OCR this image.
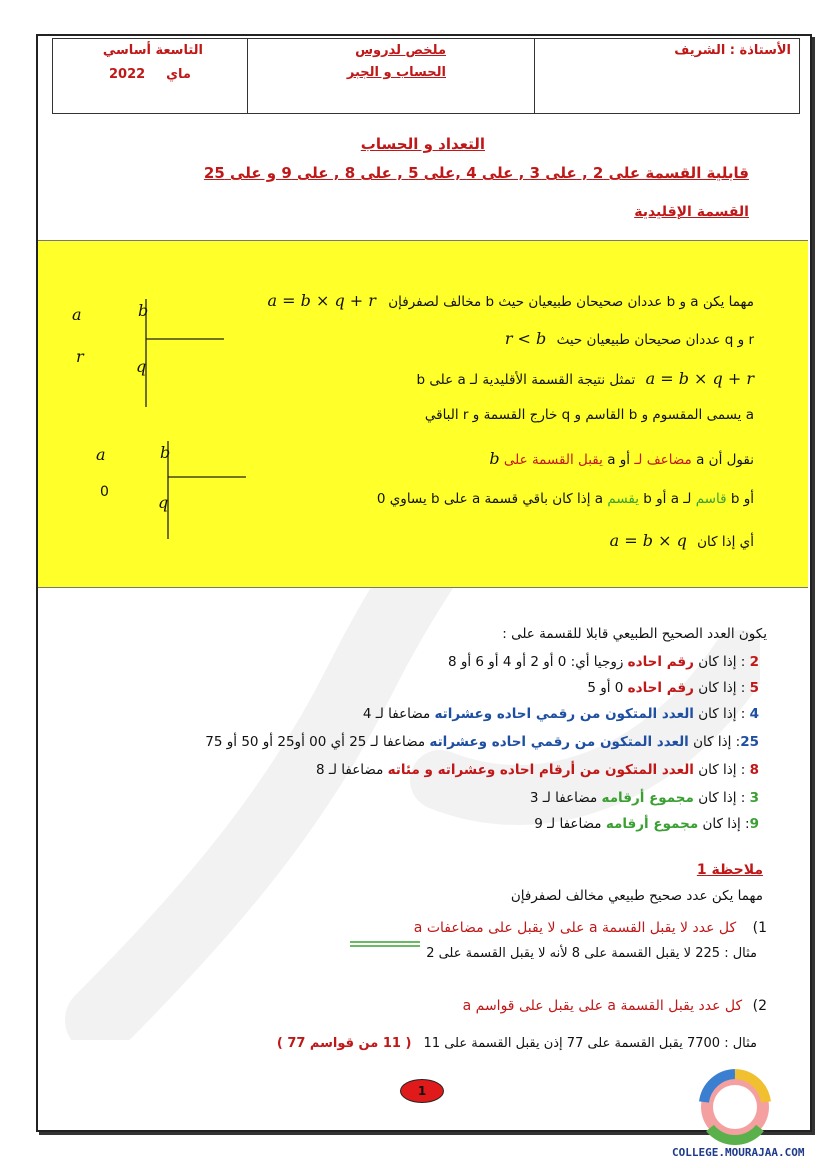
الأستاذة : الشريف
ملخص لدروس
الحساب و الجبر
التاسعة أساسي
ماي
2022
التعداد و الحساب
قابلية القسمة على 2 , على 3 , على 4 ,على 5 , على 8 , على 9 و على 25
القسمة الإقليدية
a	b
r
q
a	b
0
q
مهما يكن a و b عددان صحيحان طبيعيان حيث b مخالف لصفرفإن a = b × q + r
r و q عددان صحيحان طبيعيان حيث r < b
a = b × q + r تمثل نتيجة القسمة الأقليدية لـ a على b
a يسمى المقسوم و b القاسم و q خارج القسمة و r الباقي
نقول أن a مضاعف لـ أو a يقبل القسمة على b
أو b قاسم لـ a أو b يقسم a إذا كان باقي قسمة a على b يساوي 0
أي إذا كان a = b × q
يكون العدد الصحيح الطبيعي قابلا للقسمة على :
2 : إذا كان رقم احاده زوجيا أي: 0 أو 2 أو 4 أو 6 أو 8
5 : إذا كان رقم احاده 0 أو 5
4 : إذا كان العدد المتكون من رقمي احاده وعشراته مضاعفا لـ 4
25: إذا كان العدد المتكون من رقمي احاده وعشراته مضاعفا لـ 25 أي 00 أو25 أو 50 أو 75
8 : إذا كان العدد المتكون من أرقام احاده وعشراته و مئاته مضاعفا لـ 8
3 : إذا كان مجموع أرقامه مضاعفا لـ 3
9: إذا كان مجموع أرقامه مضاعفا لـ 9
ملاحظة 1
مهما يكن عدد صحيح طبيعي مخالف لصفرفإن
1) كل عدد لا يقبل القسمة a على لا يقبل على مضاعفات a
مثال : 225 لا يقبل القسمة على 8 لأنه لا يقبل القسمة على 2
2) كل عدد يقبل القسمة a على يقبل على قواسم a
مثال : 7700 يقبل القسمة على 77 إذن يقبل القسمة على 11 ( 11 من قواسم 77 )
1
COLLEGE.MOURAJAA.COM
